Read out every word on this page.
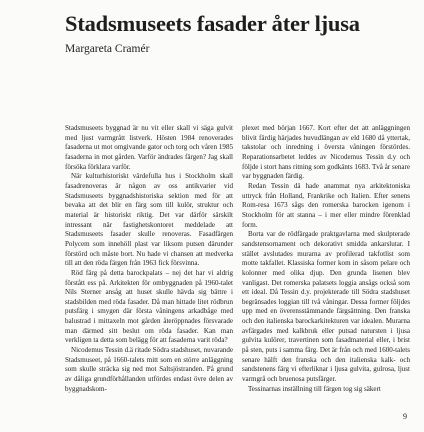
Stadsmuseets fasader åter ljusa
Margareta Cramér

Stadsmuseets byggnad är nu vit eller skall vi säga gulvit med ljust varmgrått listverk. Hösten 1984 renoverades fasaderna ut mot omgivande gator och torg och våren 1985 fasaderna in mot gården. Varför ändrades färgen? Jag skall försöka förklara varför.

När kulturhistoriskt värdefulla hus i Stockholm skall fasadrenoveras är någon av oss antikvarier vid Stadsmuseets byggnadshistoriska sektion med för att bevaka att det blir en färg som till kulör, struktur och material är historiskt riktig. Det var därför särskilt intressant när fastighetskontoret meddelade att Stadsmuseets fasader skulle renoveras. Fasadfärgen Polycem som innehöll plast var liksom putsen därunder förstörd och måste bort. Nu hade vi chansen att medverka till att den röda färgen från 1963 fick försvinna.

Röd färg på detta barockpalats – nej det har vi aldrig förstått ess på. Arkitekten för ombyggnaden på 1960-talet Nils Sterner ansåg att huset skulle hävda sig bättre i stadsbilden med röda fasader. Då man hittade litet rödbrun putsfärg i smygen där första våningens arkadbåge med balustrad i mittaxeln mot gården återöppnades försvarade man därmed sitt beslut om röda fasader. Kan man verkligen ta detta som belägg för att fasaderna varit röda?

Nicodemus Tessin d.ä ritade Södra stadshuset, nuvarande Stadsmuseet, på 1660-talets mitt som en större anläggning som skulle sträcka sig ned mot Saltsjöstranden. På grund av dåliga grundförhållanden utfördes endast övre delen av byggnadskom-

plexet med början 1667. Kort efter det att anläggningen blivit färdig härjades huvudlängan av eld 1680 då yttertak, takstolar och inredning i översta våningen förstördes. Reparationsarbetet leddes av Nicodemus Tessin d.y och följde i stort hans ritning som godkänts 1683. Två år senare var byggnaden färdig.

Redan Tessin dä hade anammat nya arkitektoniska uttryck från Holland, Frankrike och Italien. Efter senens Rom-resa 1673 sågs den romerska barocken igenom i Stockholm för att stanna – i mer eller mindre förenklad form.

Borta var de rödfärgade praktgavlarna med skulpterade sandstensornament och dekorativt smidda ankarslutar. I stället avslutades murarna av profilerad takfotlist som motte takfallet. Klassiska former kom in såsom pelare och kolonner med olika djup. Den grunda lisenen blev vanligast. Det romerska palatsets loggia ansågs också som ett ideal. Då Tessin d.y. projekterade till Södra stadshuset begränsades loggian till två våningar. Dessa former följdes upp med en överensstämmande färgsättning. Den franska och den italienska barockarkitekturen var idealen. Murarna avfärgades med kalkbruk eller putsad natursten i ljusa gulvita kulörer, travertinen som fasadmaterial eller, i brist på sten, puts i samma färg. Det är från och med 1600-talets senare hälft den franska och den italienska kalk- och sandstenens färg vi efterliknar i ljusa gulvita, gulrosa, ljust varmgrå och bruenosa putsfärger.

Tessinarnas inställning till färgen tog sig säkert

9
